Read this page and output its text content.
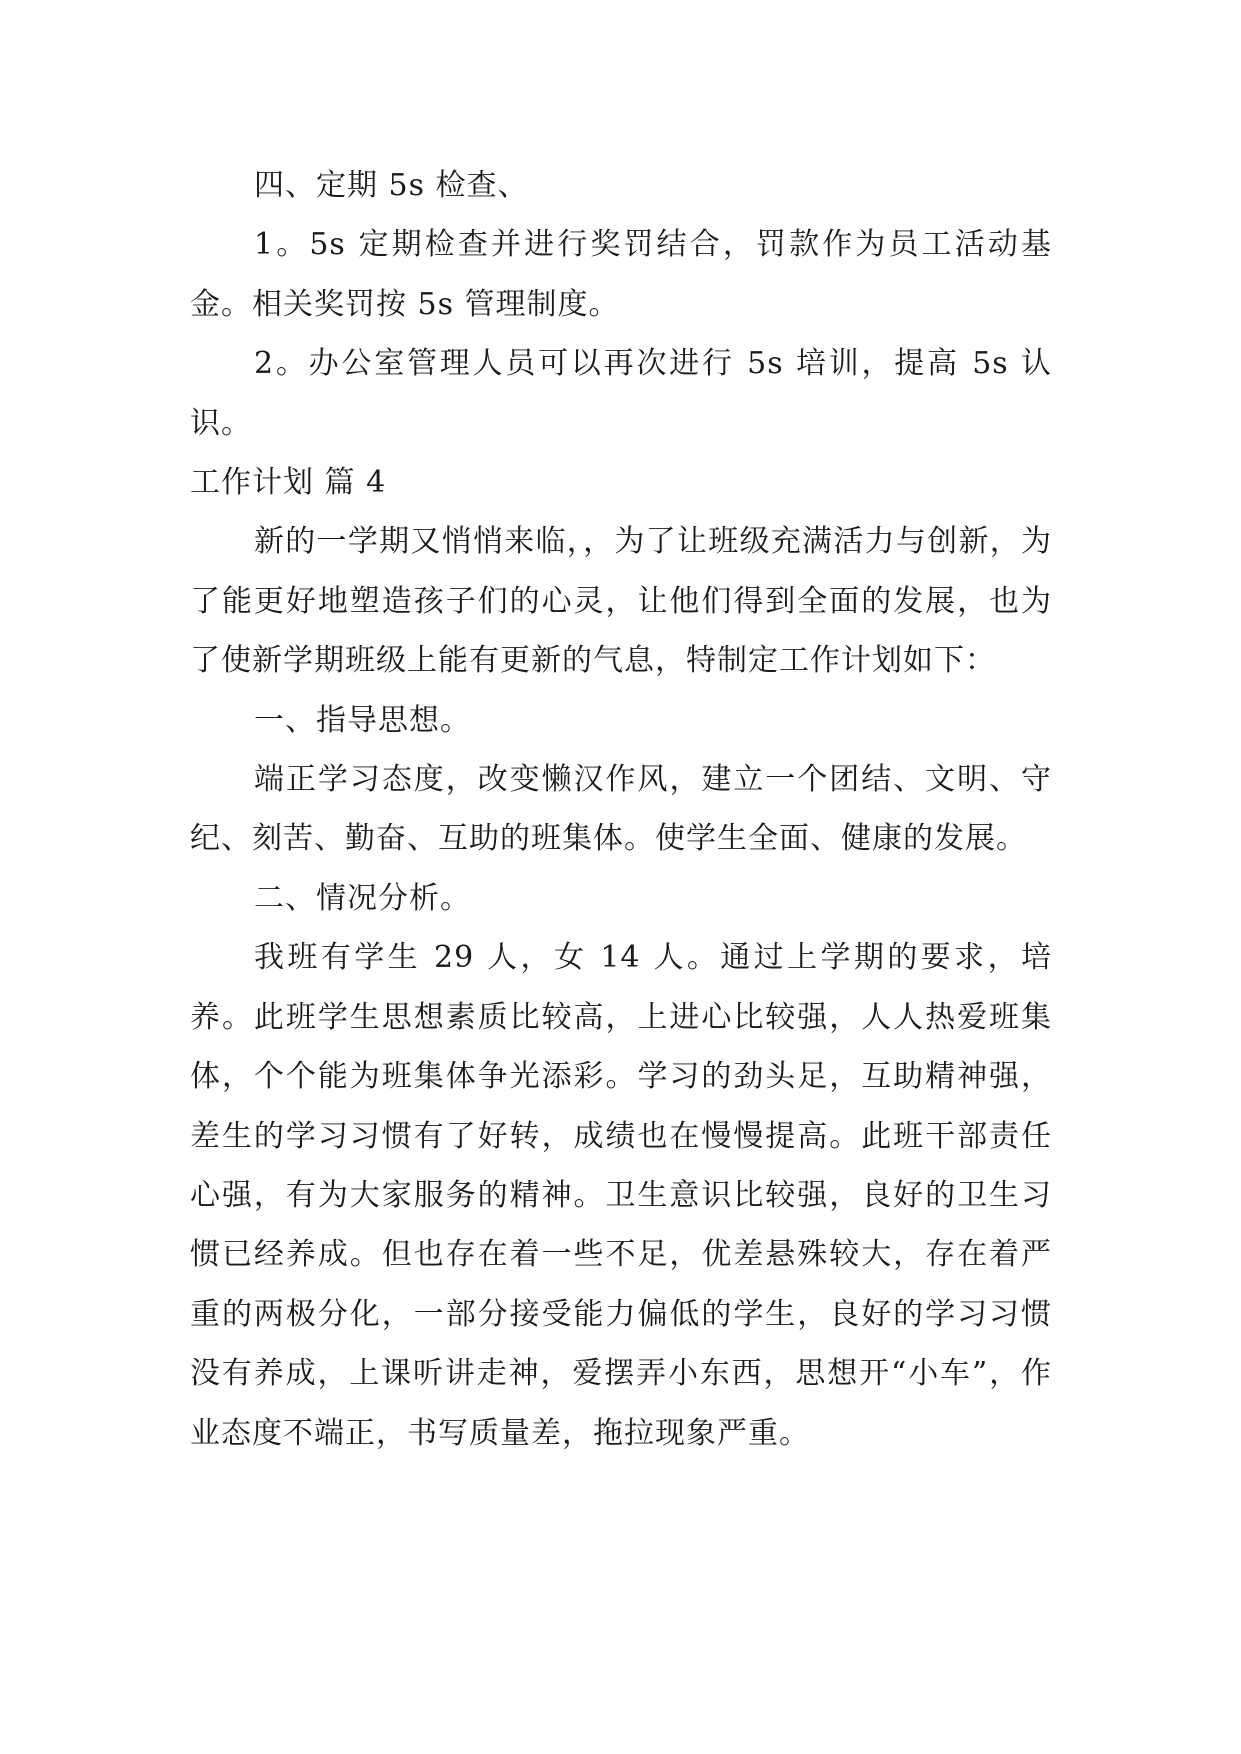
四、定期 5s 检查、

1。5s 定期检查并进行奖罚结合，罚款作为员工活动基金。相关奖罚按 5s 管理制度。

2。办公室管理人员可以再次进行 5s 培训，提高 5s 认识。

工作计划 篇 4

新的一学期又悄悄来临，，为了让班级充满活力与创新，为了能更好地塑造孩子们的心灵，让他们得到全面的发展，也为了使新学期班级上能有更新的气息，特制定工作计划如下：

一、指导思想。

端正学习态度，改变懒汉作风，建立一个团结、文明、守纪、刻苦、勤奋、互助的班集体。使学生全面、健康的发展。

二、情况分析。

我班有学生 29 人，女 14 人。通过上学期的要求，培养。此班学生思想素质比较高，上进心比较强，人人热爱班集体，个个能为班集体争光添彩。学习的劲头足，互助精神强，差生的学习习惯有了好转，成绩也在慢慢提高。此班干部责任心强，有为大家服务的精神。卫生意识比较强，良好的卫生习惯已经养成。但也存在着一些不足，优差悬殊较大，存在着严重的两极分化，一部分接受能力偏低的学生，良好的学习习惯没有养成，上课听讲走神，爱摆弄小东西，思想开“小车”，作业态度不端正，书写质量差，拖拉现象严重。
